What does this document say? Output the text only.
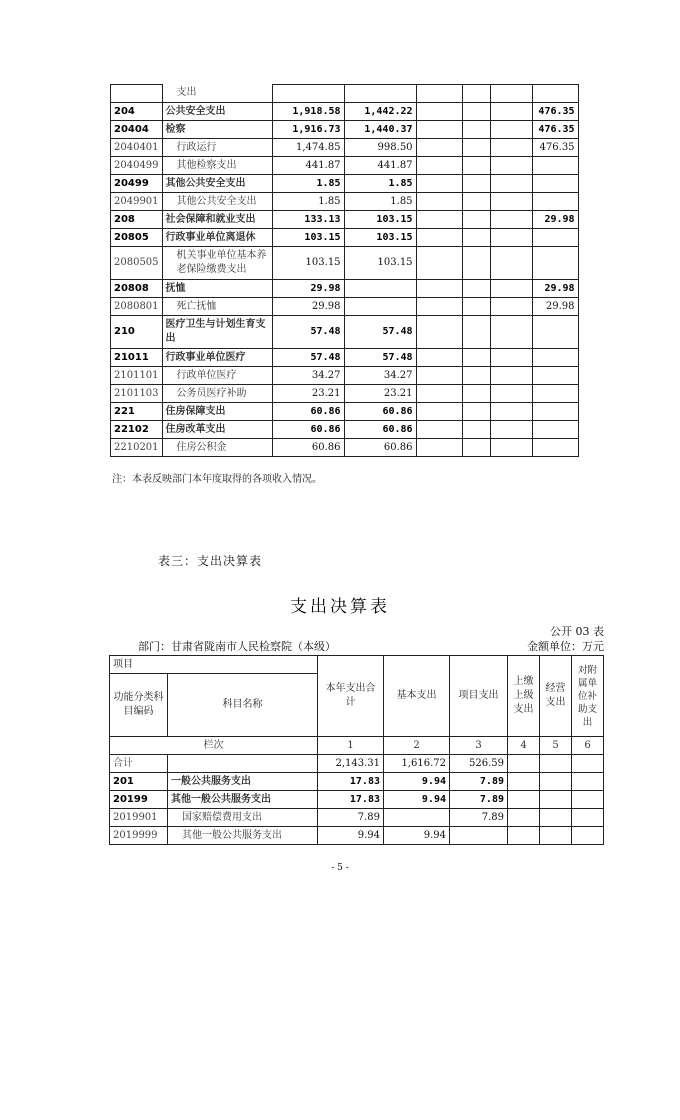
	支出						
204	公共安全支出	1,918.58	1,442.22				476.35
20404	检察	1,916.73	1,440.37				476.35
2040401	行政运行	1,474.85	998.50				476.35
2040499	其他检察支出	441.87	441.87				
20499	其他公共安全支出	1.85	1.85				
2049901	其他公共安全支出	1.85	1.85				
208	社会保障和就业支出	133.13	103.15				29.98
20805	行政事业单位离退休	103.15	103.15				
2080505	机关事业单位基本养老保险缴费支出	103.15	103.15				
20808	抚恤	29.98					29.98
2080801	死亡抚恤	29.98					29.98
210	医疗卫生与计划生育支出	57.48	57.48				
21011	行政事业单位医疗	57.48	57.48				
2101101	行政单位医疗	34.27	34.27				
2101103	公务员医疗补助	23.21	23.21				
221	住房保障支出	60.86	60.86				
22102	住房改革支出	60.86	60.86				
2210201	住房公积金	60.86	60.86				
注：本表反映部门本年度取得的各项收入情况。
表三：支出决算表
支出决算表
公开 03 表
部门：甘肃省陇南市人民检察院（本级）	金额单位：万元
项目		本年支出合计	基本支出	项目支出	上缴上级支出	经营支出	对附属单位补助支出
功能分类科目编码	科目名称						
栏次		1	2	3	4	5	6
合计		2,143.31	1,616.72	526.59			
201	一般公共服务支出	17.83	9.94	7.89			
20199	其他一般公共服务支出	17.83	9.94	7.89			
2019901	国家赔偿费用支出	7.89		7.89			
2019999	其他一般公共服务支出	9.94	9.94				
- 5 -
